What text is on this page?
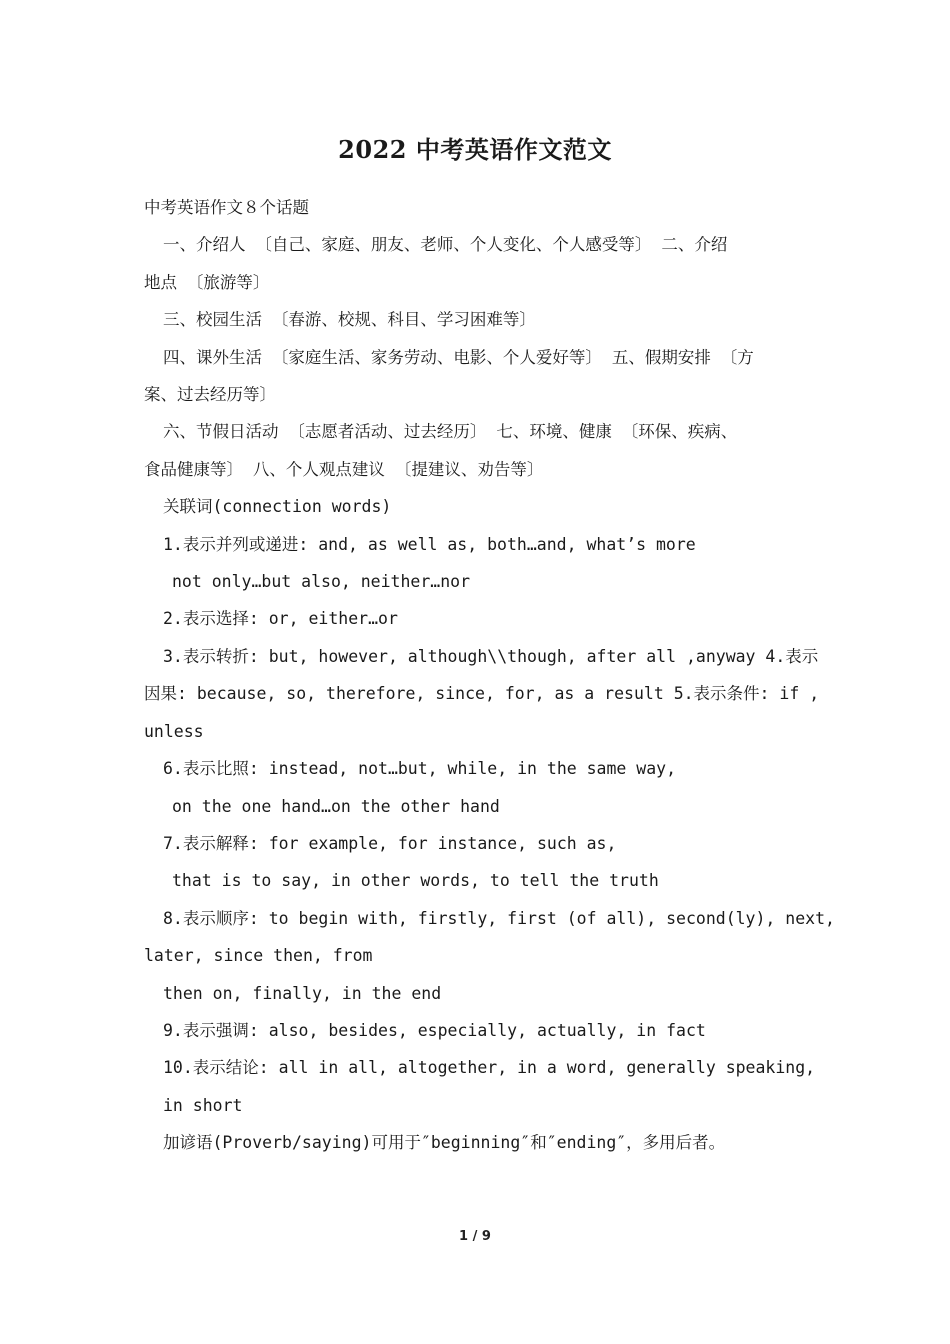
2022 中考英语作文范文

中考英语作文８个话题

一、介绍人 〔自己、家庭、朋友、老师、个人变化、个人感受等〕 二、介绍

地点 〔旅游等〕

三、校园生活 〔春游、校规、科目、学习困难等〕

四、课外生活 〔家庭生活、家务劳动、电影、个人爱好等〕 五、假期安排 〔方

案、过去经历等〕

六、节假日活动 〔志愿者活动、过去经历〕 七、环境、健康 〔环保、疾病、

食品健康等〕 八、个人观点建议 〔提建议、劝告等〕

关联词(connection words)

1.表示并列或递进: and, as well as, both…and, what’s more

not only…but also, neither…nor

2.表示选择: or, either…or

3.表示转折: but, however, although\\though, after all ,anyway 4.表示

因果: because, so, therefore, since, for, as a result 5.表示条件: if ,

unless

6.表示比照: instead, not…but, while, in the same way,

on the one hand…on the other hand

7.表示解释: for example, for instance, such as,

that is to say, in other words, to tell the truth

8.表示顺序: to begin with, firstly, first (of all), second(ly), next,

later, since then, from

then on, finally, in the end

9.表示强调: also, besides, especially, actually, in fact

10.表示结论: all in all, altogether, in a word, generally speaking,

in short

加谚语(Proverb/saying)可用于″beginning″和″ending″，多用后者。

1 / 9
